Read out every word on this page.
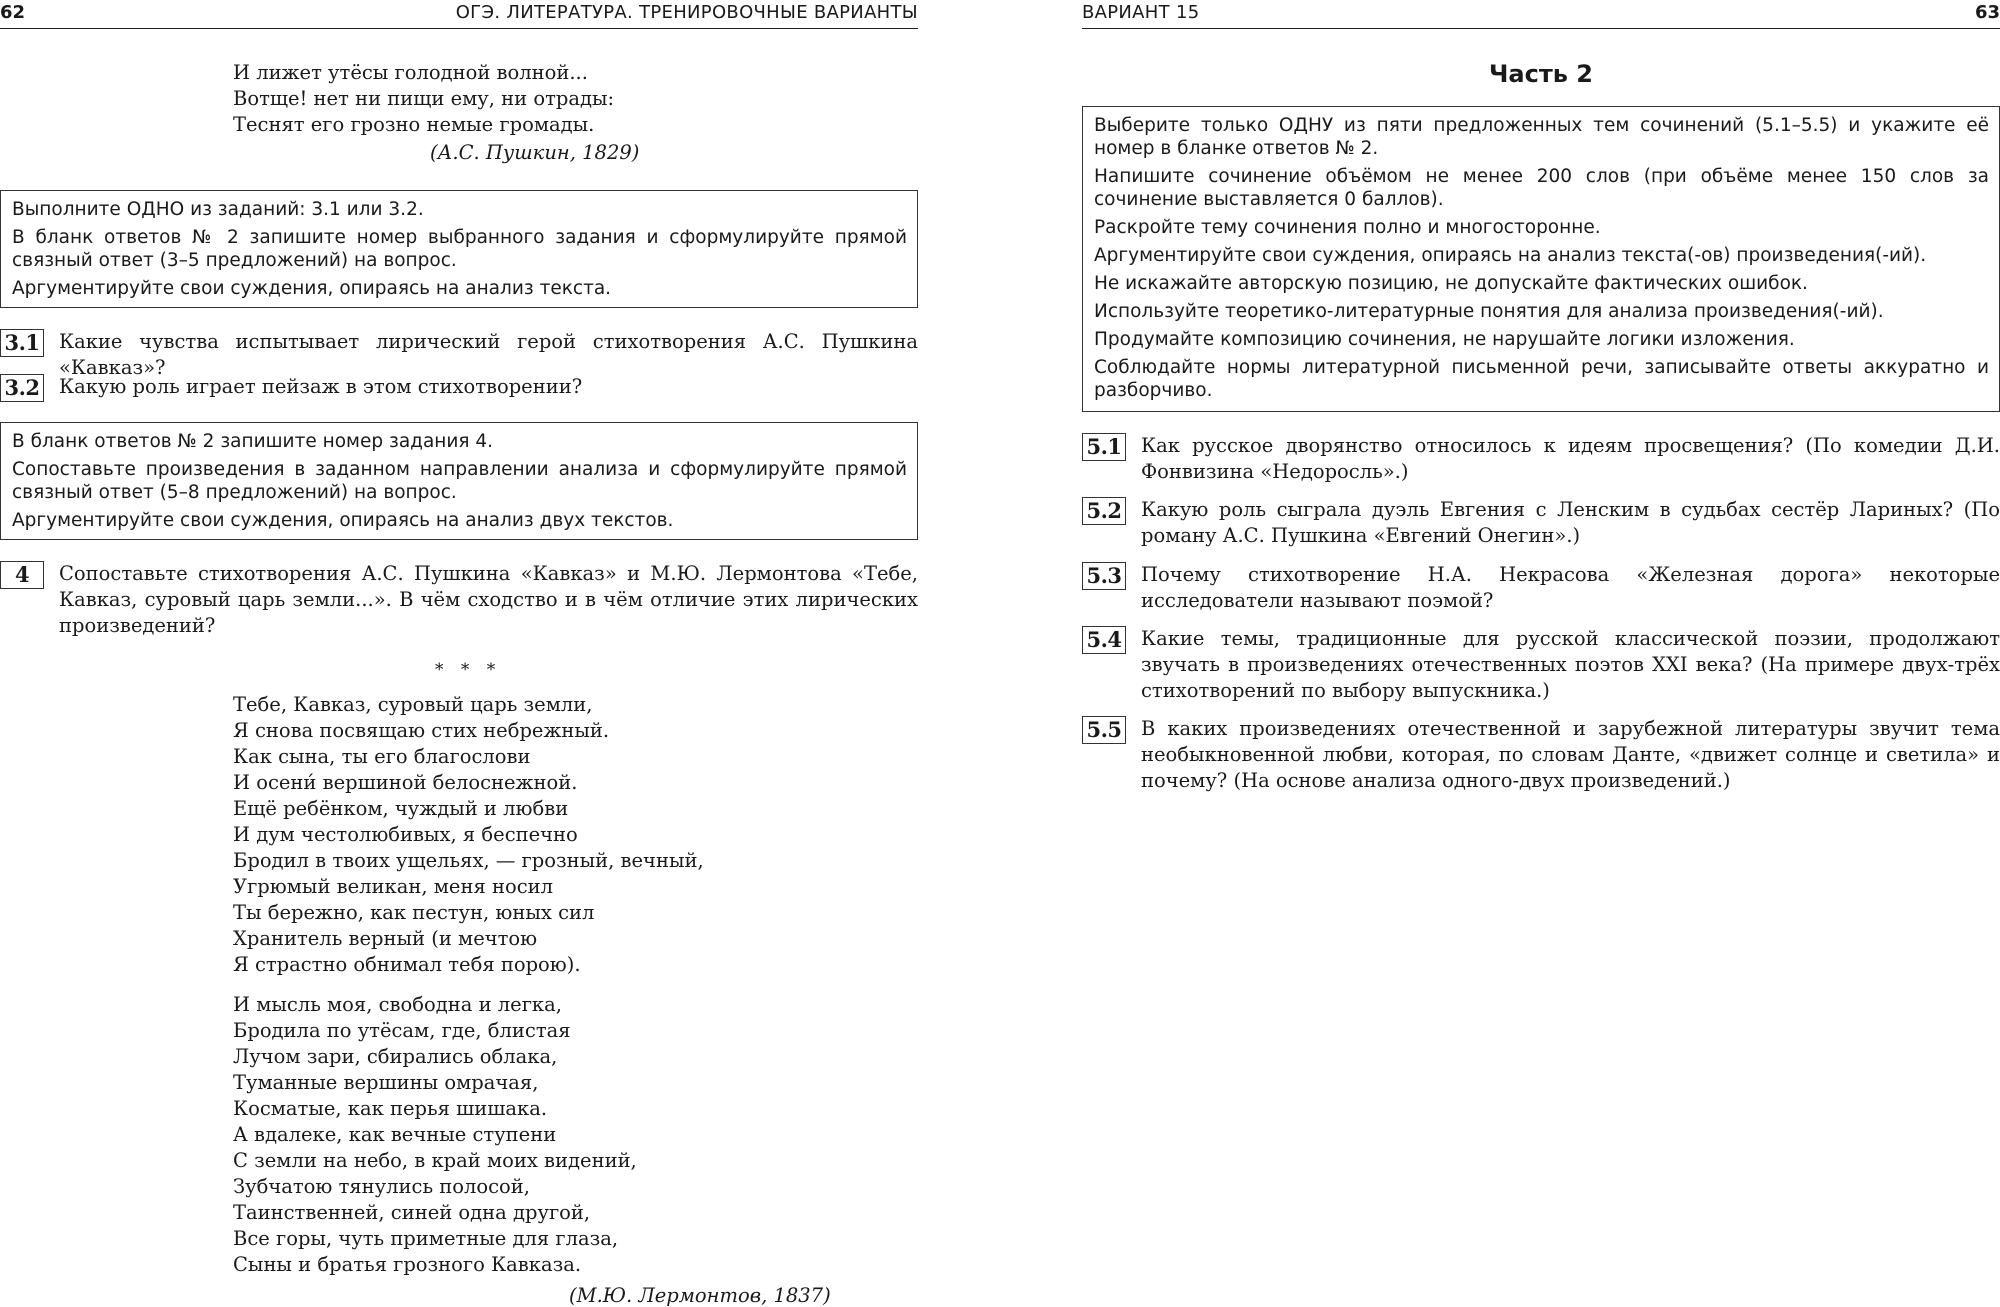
62	ОГЭ. ЛИТЕРАТУРА. ТРЕНИРОВОЧНЫЕ ВАРИАНТЫ

И лижет утёсы голодной волной...

Вотще! нет ни пищи ему, ни отрады:

Теснят его грозно немые громады.

(А.С. Пушкин, 1829)

Выполните ОДНО из заданий: 3.1 или 3.2.

В бланк ответов № 2 запишите номер выбранного задания и сформулируйте прямой связный ответ (3–5 предложений) на вопрос.

Аргументируйте свои суждения, опираясь на анализ текста.

3.1 Какие чувства испытывает лирический герой стихотворения А.С. Пушкина «Кавказ»?
3.2 Какую роль играет пейзаж в этом стихотворении?

В бланк ответов № 2 запишите номер задания 4.

Сопоставьте произведения в заданном направлении анализа и сформулируйте прямой связный ответ (5–8 предложений) на вопрос.

Аргументируйте свои суждения, опираясь на анализ двух текстов.

4	Сопоставьте стихотворения А.С. Пушкина «Кавказ» и М.Ю. Лермонтова «Тебе, Кавказ, суровый царь земли...». В чём сходство и в чём отличие этих лирических произведений?
* * *

Тебе, Кавказ, суровый царь земли,

Я снова посвящаю стих небрежный.

Как сына, ты его благослови

И осени́ вершиной белоснежной.

Ещё ребёнком, чуждый и любви

И дум честолюбивых, я беспечно

Бродил в твоих ущельях, — грозный, вечный,

Угрюмый великан, меня носил

Ты бережно, как пестун, юных сил

Хранитель верный (и мечтою

Я страстно обнимал тебя порою).

И мысль моя, свободна и легка,

Бродила по утёсам, где, блистая

Лучом зари, сбирались облака,

Туманные вершины омрачая,

Косматые, как перья шишака.

А вдалеке, как вечные ступени

С земли на небо, в край моих видений,

Зубчатою тянулись полосой,

Таинственней, синей одна другой,

Все горы, чуть приметные для глаза,

Сыны и братья грозного Кавказа.

(М.Ю. Лермонтов, 1837)
ВАРИАНТ 15	63
Часть 2

Выберите только ОДНУ из пяти предложенных тем сочинений (5.1–5.5) и укажите её номер в бланке ответов № 2.

Напишите сочинение объёмом не менее 200 слов (при объёме менее 150 слов за сочинение выставляется 0 баллов).

Раскройте тему сочинения полно и многосторонне.

Аргументируйте свои суждения, опираясь на анализ текста(-ов) произведения(-ий).

Не искажайте авторскую позицию, не допускайте фактических ошибок.

Используйте теоретико-литературные понятия для анализа произведения(-ий).

Продумайте композицию сочинения, не нарушайте логики изложения.

Соблюдайте нормы литературной письменной речи, записывайте ответы аккуратно и разборчиво.

5.1 Как русское дворянство относилось к идеям просвещения? (По комедии Д.И. Фонвизина «Недоросль».)
5.2 Какую роль сыграла дуэль Евгения с Ленским в судьбах сестёр Лариных? (По роману А.С. Пушкина «Евгений Онегин».)
5.3 Почему стихотворение Н.А. Некрасова «Железная дорога» некоторые исследователи называют поэмой?
5.4 Какие темы, традиционные для русской классической поэзии, продолжают звучать в произведениях отечественных поэтов XXI века? (На примере двух-трёх стихотворений по выбору выпускника.)
5.5 В каких произведениях отечественной и зарубежной литературы звучит тема необыкновенной любви, которая, по словам Данте, «движет солнце и светила» и почему? (На основе анализа одного-двух произведений.)
